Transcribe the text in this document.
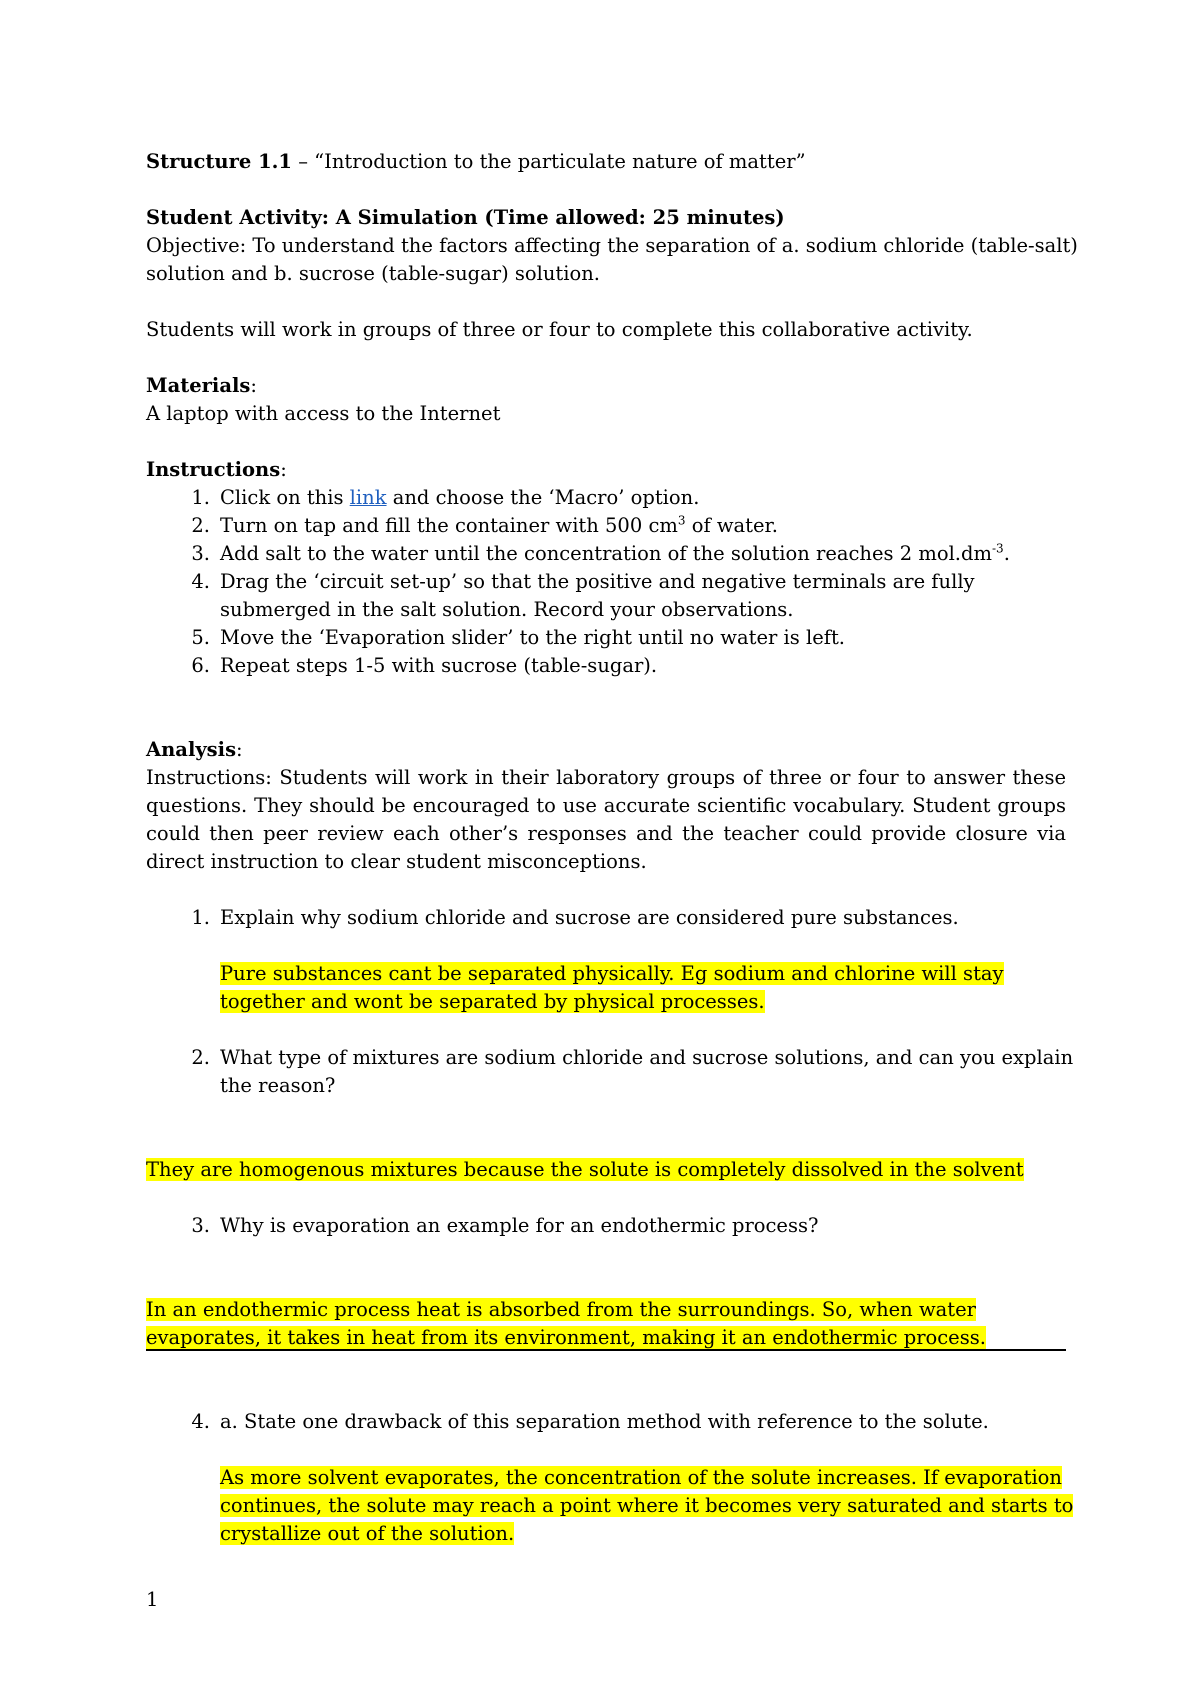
Structure 1.1 – “Introduction to the particulate nature of matter”
Student Activity: A Simulation (Time allowed: 25 minutes)
Objective: To understand the factors affecting the separation of a. sodium chloride (table-salt)
solution and b. sucrose (table-sugar) solution.
Students will work in groups of three or four to complete this collaborative activity.
Materials:
A laptop with access to the Internet
Instructions:
1. Click on this link and choose the ‘Macro’ option.
2. Turn on tap and fill the container with 500 $cm^3$ of water.
3. Add salt to the water until the concentration of the solution reaches 2 $mol.dm^{-3}$.
4. Drag the ‘circuit set-up’ so that the positive and negative terminals are fully
submerged in the salt solution. Record your observations.
5. Move the ‘Evaporation slider’ to the right until no water is left.
6. Repeat steps 1-5 with sucrose (table-sugar).
Analysis:
Instructions: Students will work in their laboratory groups of three or four to answer these questions. They should be encouraged to use accurate scientific vocabulary. Student groups could then peer review each other’s responses and the teacher could provide closure via direct instruction to clear student misconceptions.
1. Explain why sodium chloride and sucrose are considered pure substances.
Pure substances cant be separated physically. Eg sodium and chlorine will stay
together and wont be separated by physical processes.
2. What type of mixtures are sodium chloride and sucrose solutions, and can you explain
the reason?
They are homogenous mixtures because the solute is completely dissolved in the solvent
3. Why is evaporation an example for an endothermic process?
In an endothermic process heat is absorbed from the surroundings. So, when water
evaporates, it takes in heat from its environment, making it an endothermic process.
4. a. State one drawback of this separation method with reference to the solute.
As more solvent evaporates, the concentration of the solute increases. If evaporation
continues, the solute may reach a point where it becomes very saturated and starts to
crystallize out of the solution.
1
